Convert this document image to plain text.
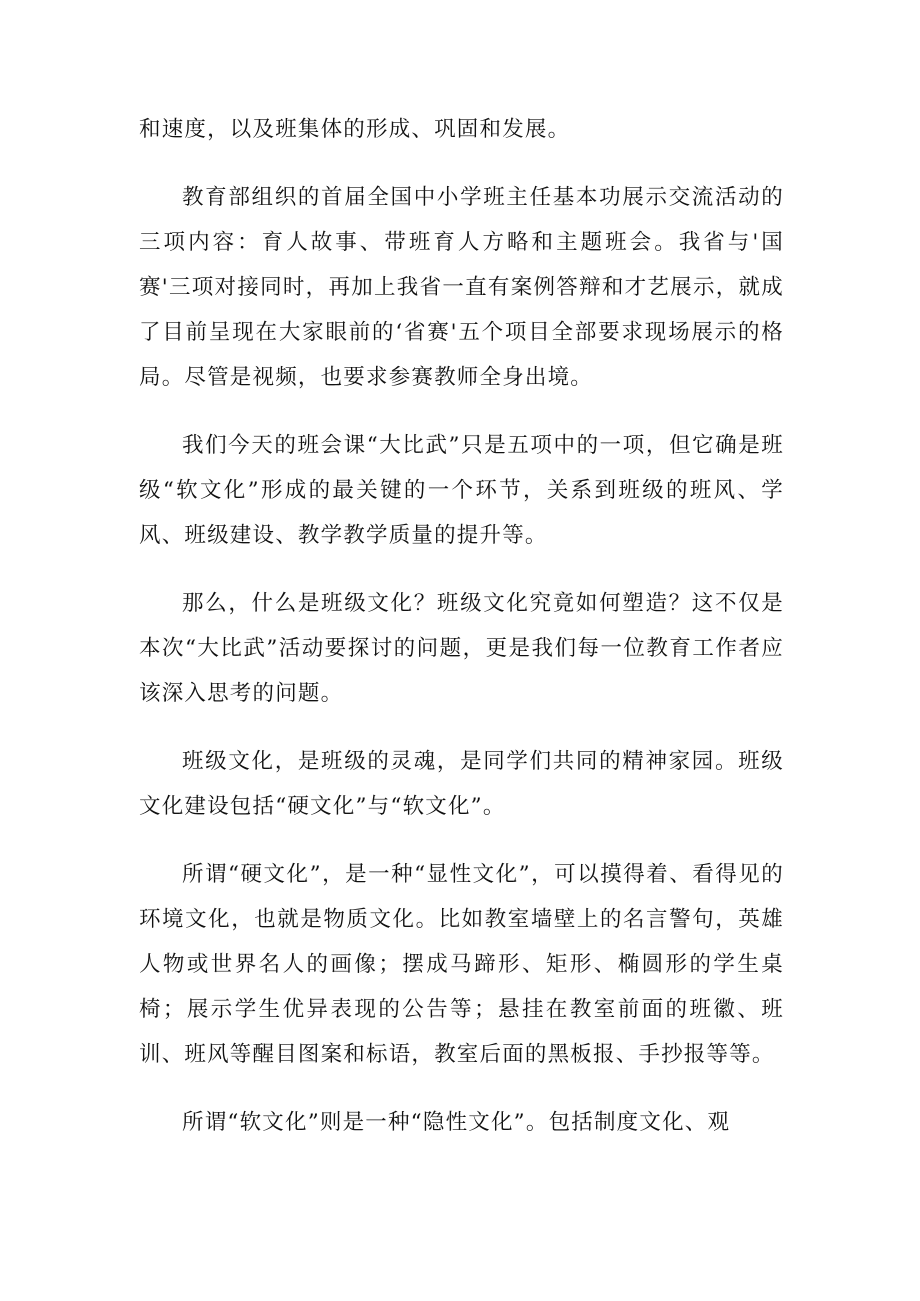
和速度，以及班集体的形成、巩固和发展。

教育部组织的首届全国中小学班主任基本功展示交流活动的三项内容：育人故事、带班育人方略和主题班会。我省与'国赛'三项对接同时，再加上我省一直有案例答辩和才艺展示，就成了目前呈现在大家眼前的‘省赛'五个项目全部要求现场展示的格局。尽管是视频，也要求参赛教师全身出境。

我们今天的班会课“大比武”只是五项中的一项，但它确是班级“软文化”形成的最关键的一个环节，关系到班级的班风、学风、班级建设、教学教学质量的提升等。

那么，什么是班级文化？班级文化究竟如何塑造？这不仅是本次“大比武”活动要探讨的问题，更是我们每一位教育工作者应该深入思考的问题。

班级文化，是班级的灵魂，是同学们共同的精神家园。班级文化建设包括“硬文化”与“软文化”。

所谓“硬文化”，是一种“显性文化”，可以摸得着、看得见的环境文化，也就是物质文化。比如教室墙壁上的名言警句，英雄人物或世界名人的画像；摆成马蹄形、矩形、椭圆形的学生桌椅；展示学生优异表现的公告等；悬挂在教室前面的班徽、班训、班风等醒目图案和标语，教室后面的黑板报、手抄报等等。

所谓“软文化”则是一种“隐性文化”。包括制度文化、观
